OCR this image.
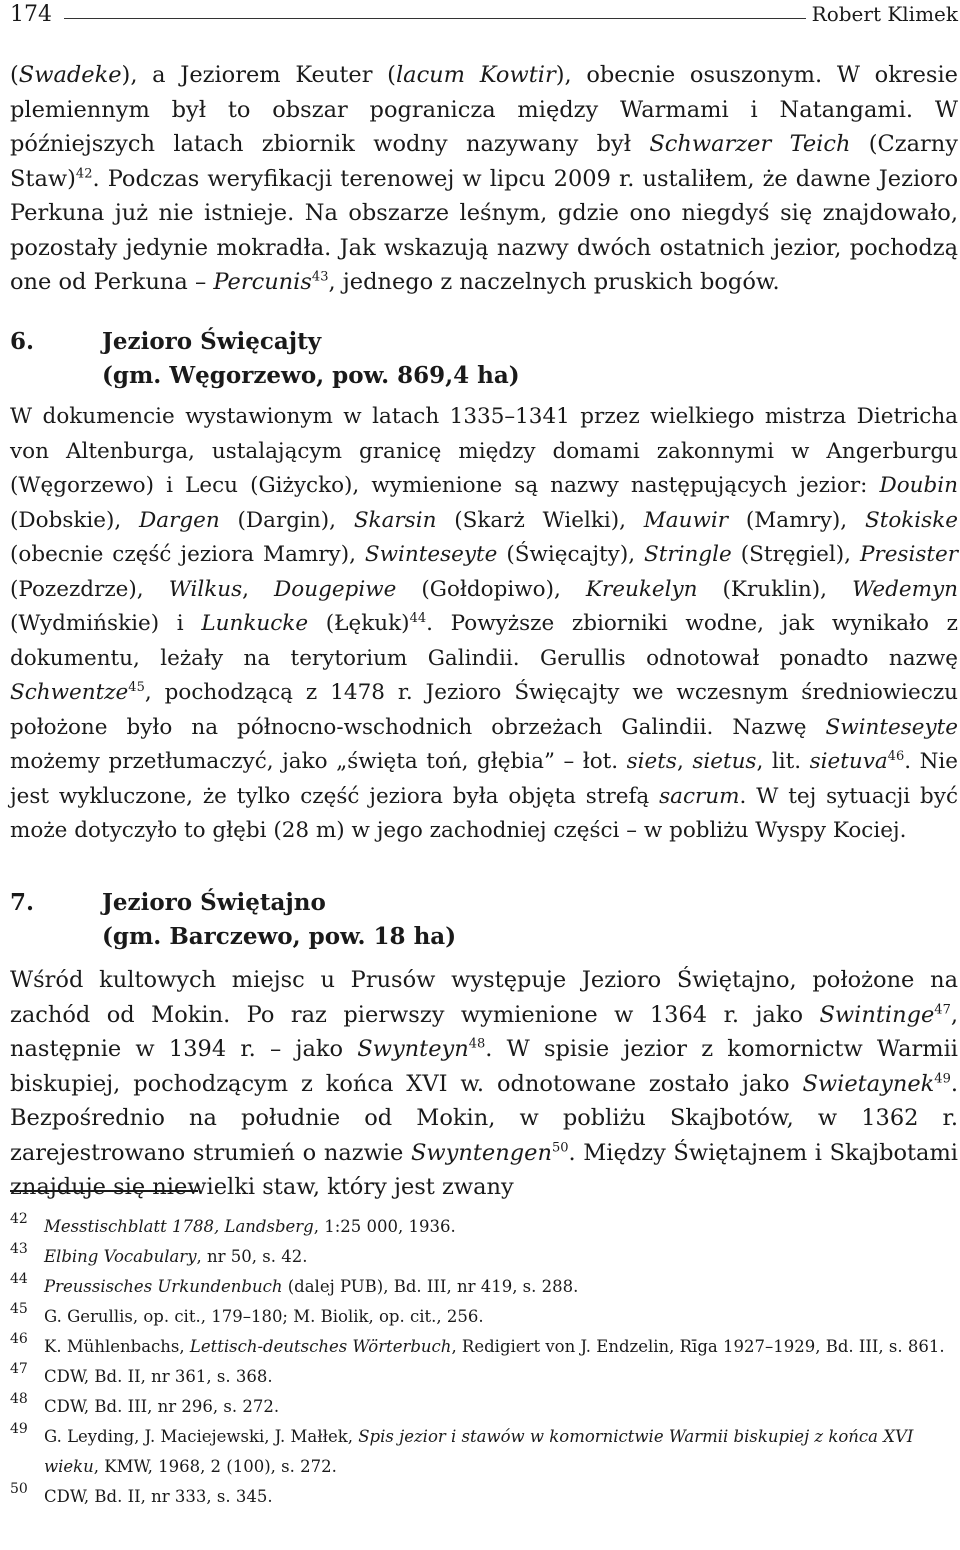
174	Robert Klimek

(Swadeke), a Jeziorem Keuter (lacum Kowtir), obecnie osuszonym. W okresie plemiennym był to obszar pogranicza między Warmami i Natangami. W późniejszych latach zbiornik wodny nazywany był Schwarzer Teich (Czarny Staw)$^{42}$. Podczas weryfikacji terenowej w lipcu 2009 r. ustaliłem, że dawne Jezioro Perkuna już nie istnieje. Na obszarze leśnym, gdzie ono niegdyś się znajdowało, pozostały jedynie mokradła. Jak wskazują nazwy dwóch ostatnich jezior, pochodzą one od Perkuna – Percunis$^{43}$, jednego z naczelnych pruskich bogów.

6.	Jezioro Święcajty
(gm. Węgorzewo, pow. 869,4 ha)

W dokumencie wystawionym w latach 1335–1341 przez wielkiego mistrza Dietricha von Altenburga, ustalającym granicę między domami zakonnymi w Angerburgu (Węgorzewo) i Lecu (Giżycko), wymienione są nazwy następujących jezior: Doubin (Dobskie), Dargen (Dargin), Skarsin (Skarż Wielki), Mauwir (Mamry), Stokiske (obecnie część jeziora Mamry), Swinteseyte (Święcajty), Stringle (Stręgiel), Presister (Pozezdrze), Wilkus, Dougepiwe (Gołdopiwo), Kreukelyn (Kruklin), Wedemyn (Wydmińskie) i Lunkucke (Łękuk)$^{44}$. Powyższe zbiorniki wodne, jak wynikało z dokumentu, leżały na terytorium Galindii. Gerullis odnotował ponadto nazwę Schwentze$^{45}$, pochodzącą z 1478 r. Jezioro Święcajty we wczesnym średniowieczu położone było na północno-wschodnich obrzeżach Galindii. Nazwę Swinteseyte możemy przetłumaczyć, jako „święta toń, głębia” – łot. siets, sietus, lit. sietuva$^{46}$. Nie jest wykluczone, że tylko część jeziora była objęta strefą sacrum. W tej sytuacji być może dotyczyło to głębi (28 m) w jego zachodniej części – w pobliżu Wyspy Kociej.

7.	Jezioro Świętajno
(gm. Barczewo, pow. 18 ha)

Wśród kultowych miejsc u Prusów występuje Jezioro Świętajno, położone na zachód od Mokin. Po raz pierwszy wymienione w 1364 r. jako Swintinge$^{47}$, następnie w 1394 r. – jako Swynteyn$^{48}$. W spisie jezior z komornictw Warmii biskupiej, pochodzącym z końca XVI w. odnotowane zostało jako Swietaynek$^{49}$. Bezpośrednio na południe od Mokin, w pobliżu Skajbotów, w 1362 r. zarejestrowano strumień o nazwie Swyntengen$^{50}$. Między Świętajnem i Skajbotami znajduje się niewielki staw, który jest zwany

42 Messtischblatt 1788, Landsberg, 1:25 000, 1936.
43 Elbing Vocabulary, nr 50, s. 42.
44 Preussisches Urkundenbuch (dalej PUB), Bd. III, nr 419, s. 288.
45 G. Gerullis, op. cit., 179–180; M. Biolik, op. cit., 256.
46 K. Mühlenbachs, Lettisch-deutsches Wörterbuch, Redigiert von J. Endzelin, Rīga 1927–1929, Bd. III, s. 861.
47 CDW, Bd. II, nr 361, s. 368.
48 CDW, Bd. III, nr 296, s. 272.
49 G. Leyding, J. Maciejewski, J. Małłek, Spis jezior i stawów w komornictwie Warmii biskupiej z końca XVI wieku, KMW, 1968, 2 (100), s. 272.
50 CDW, Bd. II, nr 333, s. 345.
